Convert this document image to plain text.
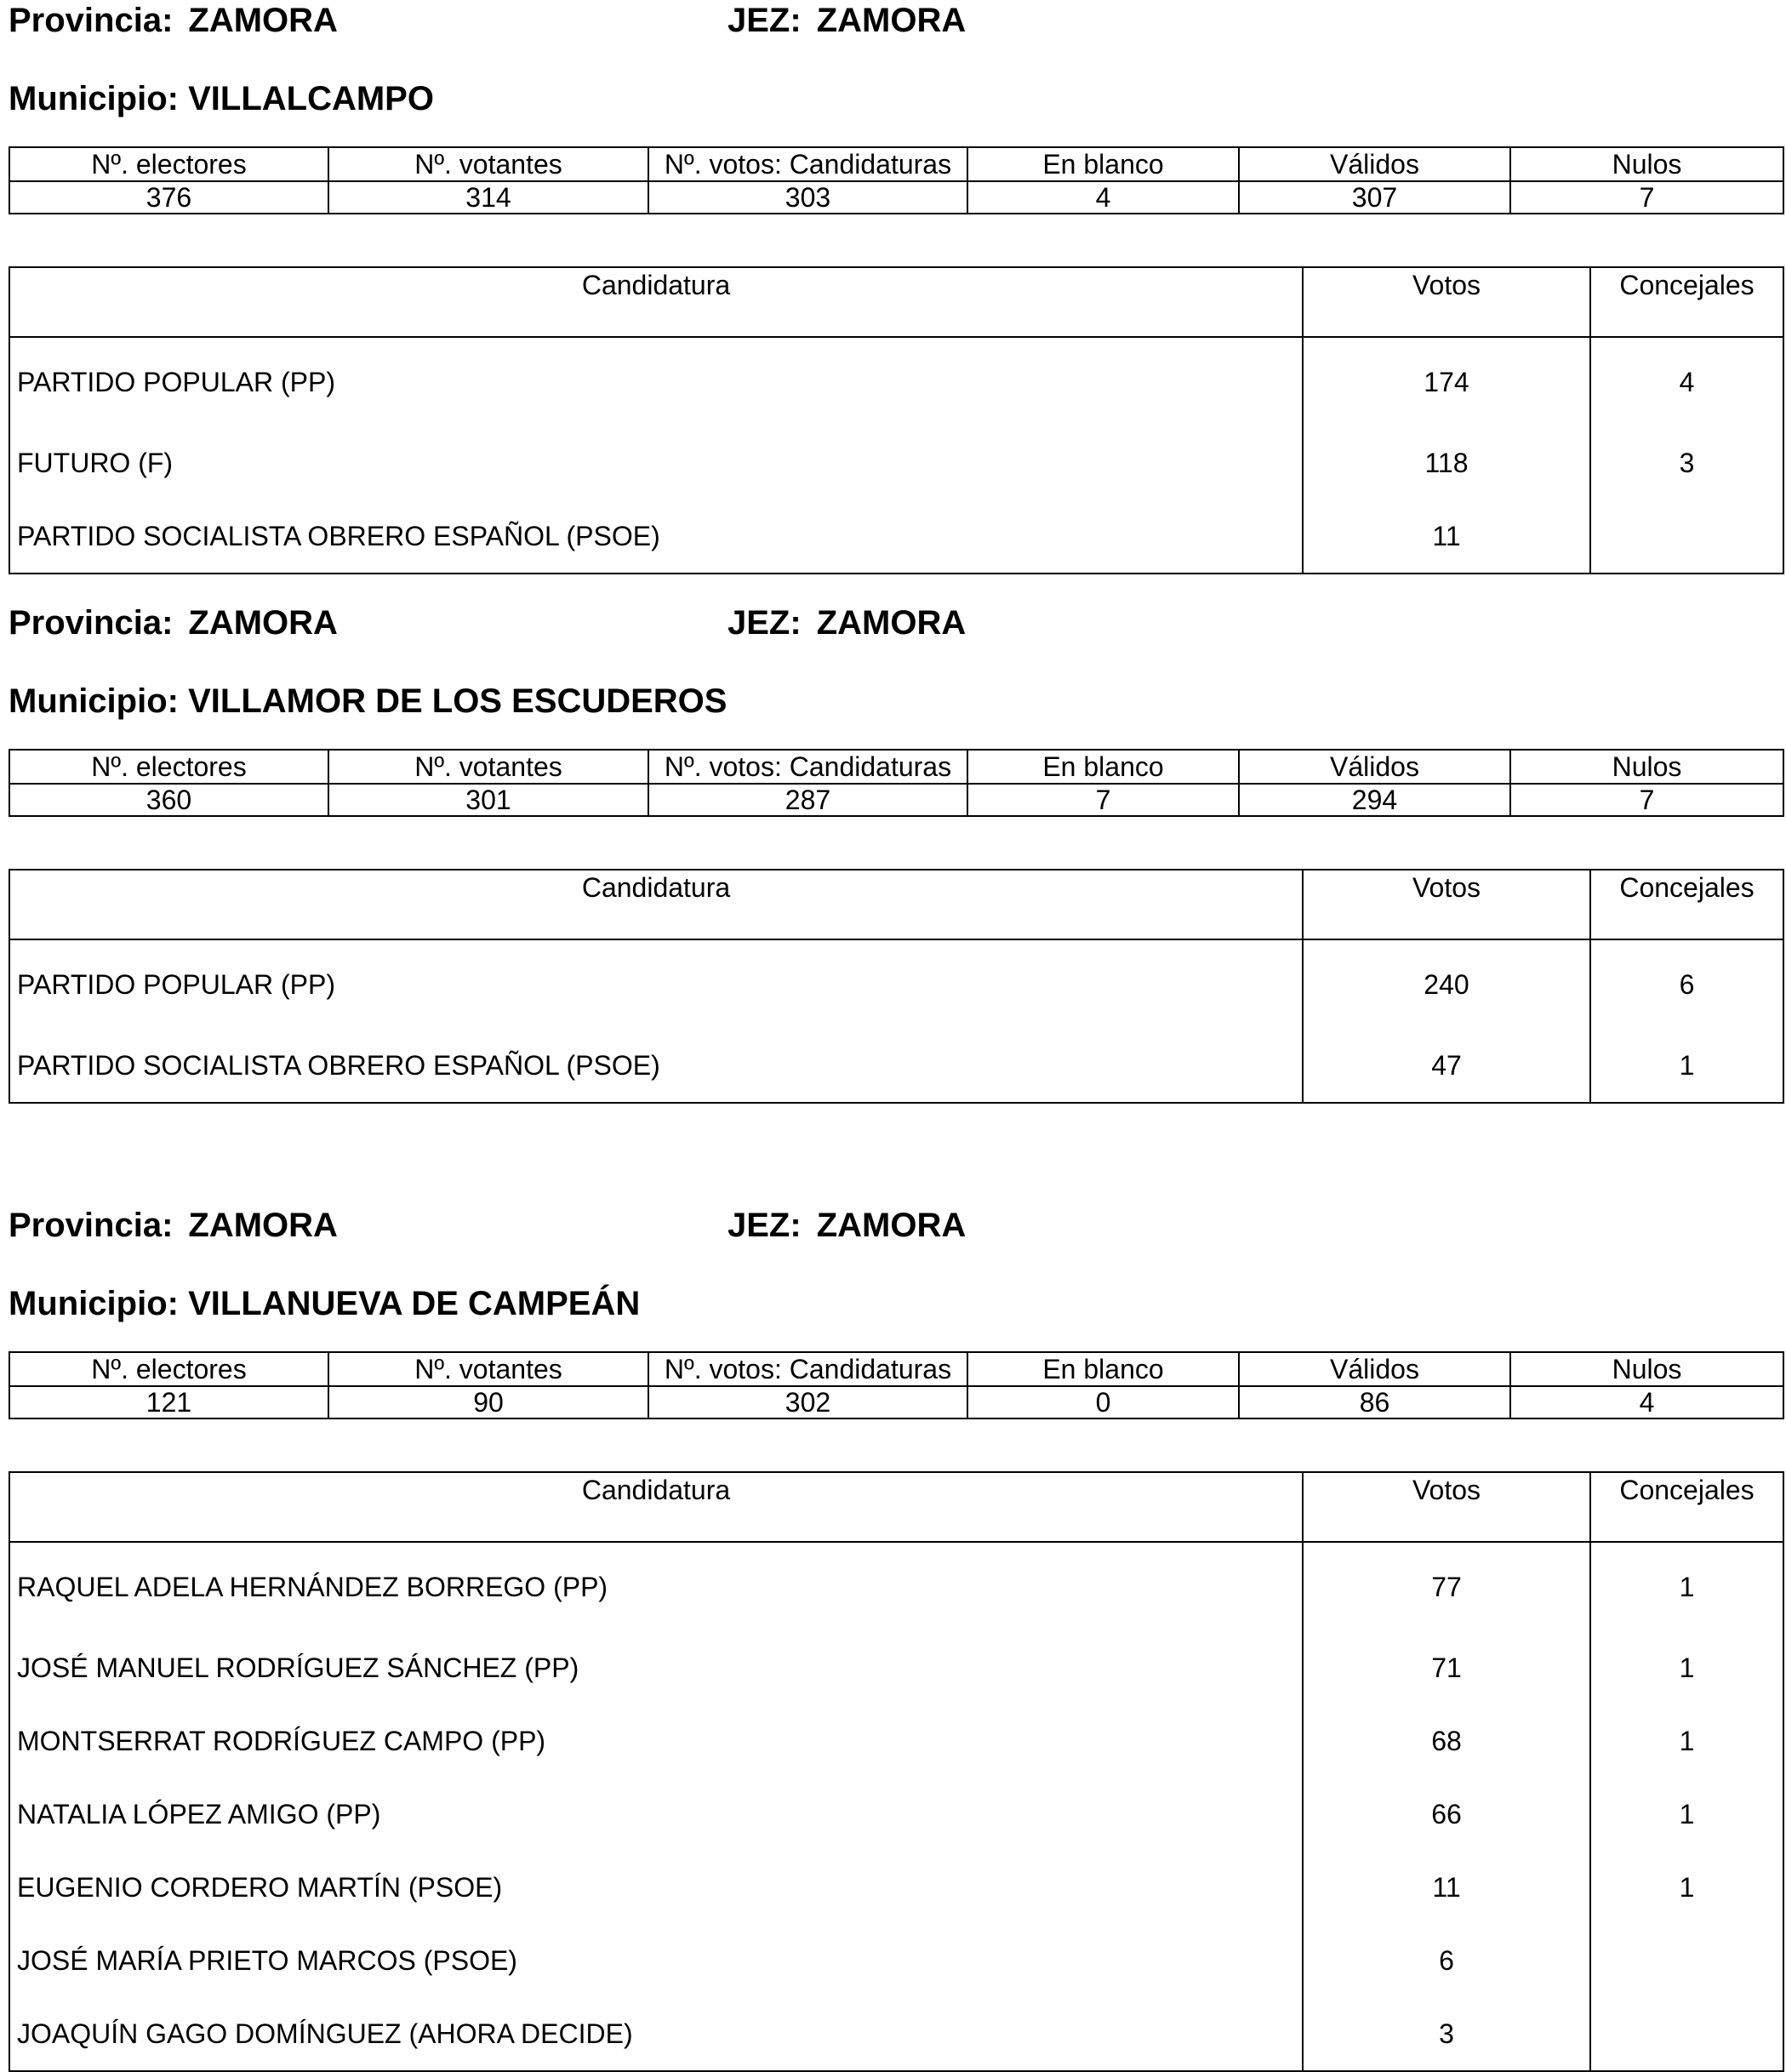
Provincia: ZAMORA	JEZ: ZAMORA
Municipio: VILLALCAMPO
Nº. electores	Nº. votantes	Nº. votos: Candidaturas	En blanco	Válidos	Nulos
376	314	303	4	307	7
Candidatura	Votos	Concejales
PARTIDO POPULAR (PP)	174	4
FUTURO (F)	118	3
PARTIDO SOCIALISTA OBRERO ESPAÑOL (PSOE)	11	
Provincia: ZAMORA	JEZ: ZAMORA
Municipio: VILLAMOR DE LOS ESCUDEROS
Nº. electores	Nº. votantes	Nº. votos: Candidaturas	En blanco	Válidos	Nulos
360	301	287	7	294	7
Candidatura	Votos	Concejales
PARTIDO POPULAR (PP)	240	6
PARTIDO SOCIALISTA OBRERO ESPAÑOL (PSOE)	47	1
Provincia: ZAMORA	JEZ: ZAMORA
Municipio: VILLANUEVA DE CAMPEÁN
Nº. electores	Nº. votantes	Nº. votos: Candidaturas	En blanco	Válidos	Nulos
121	90	302	0	86	4
Candidatura	Votos	Concejales
RAQUEL ADELA HERNÁNDEZ BORREGO (PP)	77	1
JOSÉ MANUEL RODRÍGUEZ SÁNCHEZ (PP)	71	1
MONTSERRAT RODRÍGUEZ CAMPO (PP)	68	1
NATALIA LÓPEZ AMIGO (PP)	66	1
EUGENIO CORDERO MARTÍN (PSOE)	11	1
JOSÉ MARÍA PRIETO MARCOS (PSOE)	6	
JOAQUÍN GAGO DOMÍNGUEZ (AHORA DECIDE)	3	
